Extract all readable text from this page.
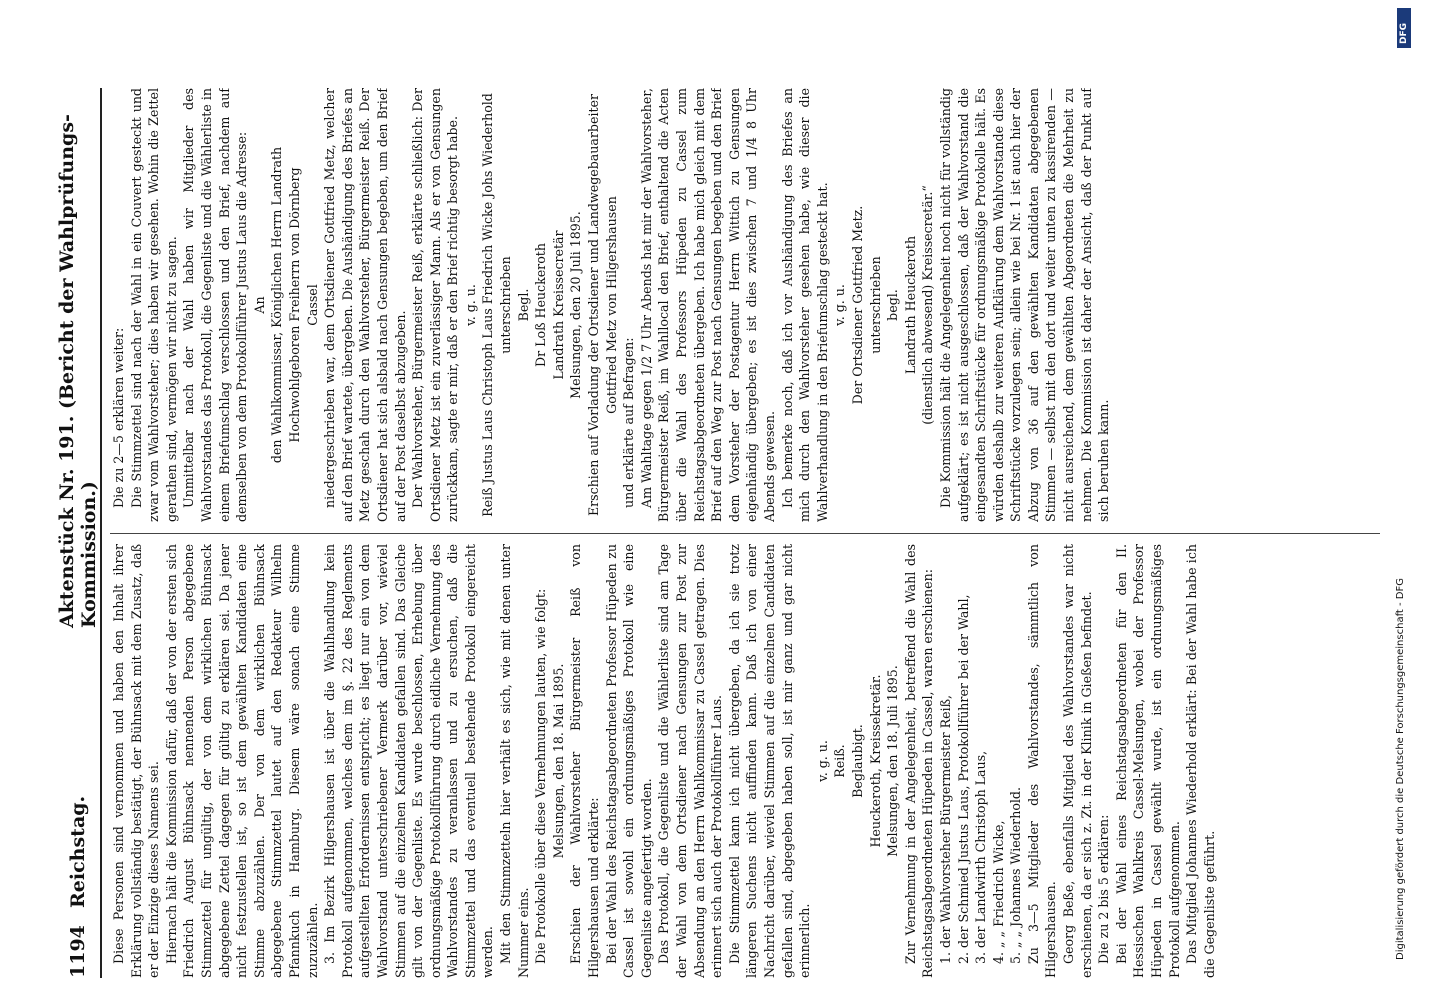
1194
Reichstag.
Aktenstück Nr. 191. (Bericht der Wahlprüfungs-Kommission.) Diese Personen sind vernommen und haben den Inhalt ihrer Erklärung vollständig bestätigt, der Bühnsack mit dem Zusatz, daß er der Einzige dieses Namens sei. Hiernach hält die Kommission dafür, daß der von der ersten sich Friedrich August Bühnsack nennenden Person abgegebene Stimmzettel für ungültig, der von dem wirklichen Bühnsack abgegebene Zettel dagegen für gültig zu erklären sei. Da jener nicht festzustellen ist, so ist dem gewählten Kandidaten eine Stimme abzuzählen. Der von dem wirklichen Bühnsack abgegebene Stimmzettel lautet auf den Redakteur Wilhelm Pfannkuch in Hamburg. Diesem wäre sonach eine Stimme zuzuzählen. 3. Im Bezirk Hilgershausen ist über die Wahlhandlung kein Protokoll aufgenommen, welches dem im §. 22 des Reglements aufgestellten Erfordernissen entspricht; es liegt nur ein von dem Wahlvorstand unterschriebener Vermerk darüber vor, wieviel Stimmen auf die einzelnen Kandidaten gefallen sind. Das Gleiche gilt von der Gegenliste. Es wurde beschlossen, Erhebung über ordnungsmäßige Protokollführung durch eidliche Vernehmung des Wahlvorstandes zu veranlassen und zu ersuchen, daß die Stimmzettel und das eventuell bestehende Protokoll eingereicht werden. Mit den Stimmzetteln hier verhält es sich, wie mit denen unter Nummer eins. Die Protokolle über diese Vernehmungen lauten, wie folgt: Melsungen, den 18. Mai 1895. Erschien der Wahlvorsteher Bürgermeister Reiß von Hilgershausen und erklärte: Bei der Wahl des Reichstagsabgeordneten Professor Hüpeden zu Cassel ist sowohl ein ordnungsmäßiges Protokoll wie eine Gegenliste angefertigt worden. Das Protokoll, die Gegenliste und die Wählerliste sind am Tage der Wahl von dem Ortsdiener nach Gensungen zur Post zur Absendung an den Herrn Wahlkommissar zu Cassel getragen. Dies erinnert sich auch der Protokollführer Laus. Die Stimmzettel kann ich nicht übergeben, da ich sie trotz längeren Suchens nicht auffinden kann. Daß ich von einer Nachricht darüber, wieviel Stimmen auf die einzelnen Candidaten gefallen sind, abgegeben haben soll, ist mir ganz und gar nicht erinnerlich.

v. g. u. Reiß. Beglaubigt. Heuckeroth, Kreissekretär. Melsungen, den 18. Juli 1895. Zur Vernehmung in der Angelegenheit, betreffend die Wahl des Reichstagsabgeordneten Hüpeden in Cassel, waren erschienen: 1. der Wahlvorsteher Bürgermeister Reiß, 2. der Schmied Justus Laus, Protokollführer bei der Wahl, 3. der Landwirth Christoph Laus, 4. „ „ Friedrich Wicke, 5. „ „ Johannes Wiederhold. Zu 3—5 Mitglieder des Wahlvorstandes, sämmtlich von Hilgershausen. Georg Beße, ebenfalls Mitglied des Wahlvorstandes war nicht erschienen, da er sich z. Zt. in der Klinik in Gießen befindet. Die zu 2 bis 5 erklären: Bei der Wahl eines Reichstagsabgeordneten für den II. Hessischen Wahlkreis Cassel-Melsungen, wobei der Professor Hüpeden in Cassel gewählt wurde, ist ein ordnungsmäßiges Protokoll aufgenommen. Das Mitglied Johannes Wiederhold erklärt: Bei der Wahl habe ich die Gegenliste geführt.

Die zu 2—5 erklären weiter: Die Stimmzettel sind nach der Wahl in ein Couvert gesteckt und zwar vom Wahlvorsteher; dies haben wir gesehen. Wohin die Zettel gerathen sind, vermögen wir nicht zu sagen. Unmittelbar nach der Wahl haben wir Mitglieder des Wahlvorstandes das Protokoll, die Gegenliste und die Wählerliste in einem Briefumschlag verschlossen und den Brief, nachdem auf demselben von dem Protokollführer Justus Laus die Adresse: An den Wahlkommissar, Königlichen Herrn Landrath Hochwohlgeboren Freiherrn von Dörnberg Cassel niedergeschrieben war, dem Ortsdiener Gottfried Metz, welcher auf den Brief wartete, übergeben. Die Aushändigung des Briefes an Metz geschah durch den Wahlvorsteher, Bürgermeister Reiß. Der Ortsdiener hat sich alsbald nach Gensungen begeben, um den Brief auf der Post daselbst abzugeben. Der Wahlvorsteher, Bürgermeister Reiß, erklärte schließlich: Der Ortsdiener Metz ist ein zuverlässiger Mann. Als er von Gensungen zurückkam, sagte er mir, daß er den Brief richtig besorgt habe. v. g. u. Reiß Justus Laus Christoph Laus Friedrich Wicke Johs Wiederhold unterschrieben Begl. Dr Loß Heuckeroth Landrath Kreissecretär Melsungen, den 20 Juli 1895. Erschien auf Vorladung der Ortsdiener und Landwegebauarbeiter Gottfried Metz von Hilgershausen

und erklärte auf Befragen: Am Wahltage gegen 1/2 7 Uhr Abends hat mir der Wahlvorsteher, Bürgermeister Reiß, im Wahllocal den Brief, enthaltend die Acten über die Wahl des Professors Hüpeden zu Cassel zum Reichstagsabgeordneten übergeben. Ich habe mich gleich mit dem Brief auf den Weg zur Post nach Gensungen begeben und den Brief dem Vorsteher der Postagentur Herrn Wittich zu Gensungen eigenhändig übergeben; es ist dies zwischen 7 und 1/4 8 Uhr Abends gewesen. Ich bemerke noch, daß ich vor Aushändigung des Briefes an mich durch den Wahlvorsteher gesehen habe, wie dieser die Wahlverhandlung in den Briefumschlag gesteckt hat. v. g. u. Der Ortsdiener Gottfried Metz. unterschrieben begl. Landrath Heuckeroth (dienstlich abwesend) Kreissecretär.“ Die Kommission hält die Angelegenheit noch nicht für vollständig aufgeklärt; es ist nicht ausgeschlossen, daß der Wahlvorstand die eingesandten Schriftstücke für ordnungsmäßige Protokolle hält. Es würden deshalb zur weiteren Aufklärung dem Wahlvorstande diese Schriftstücke vorzulegen sein; allein wie bei Nr. 1 ist auch hier der Abzug von 36 auf den gewählten Kandidaten abgegebenen Stimmen — selbst mit den dort und weiter unten zu kassirenden — nicht ausreichend, dem gewählten Abgeordneten die Mehrheit zu nehmen. Die Kommission ist daher der Ansicht, daß der Punkt auf sich beruhen kann.

DFG
Digitalisierung gefördert durch die Deutsche Forschungsgemeinschaft - DFG
